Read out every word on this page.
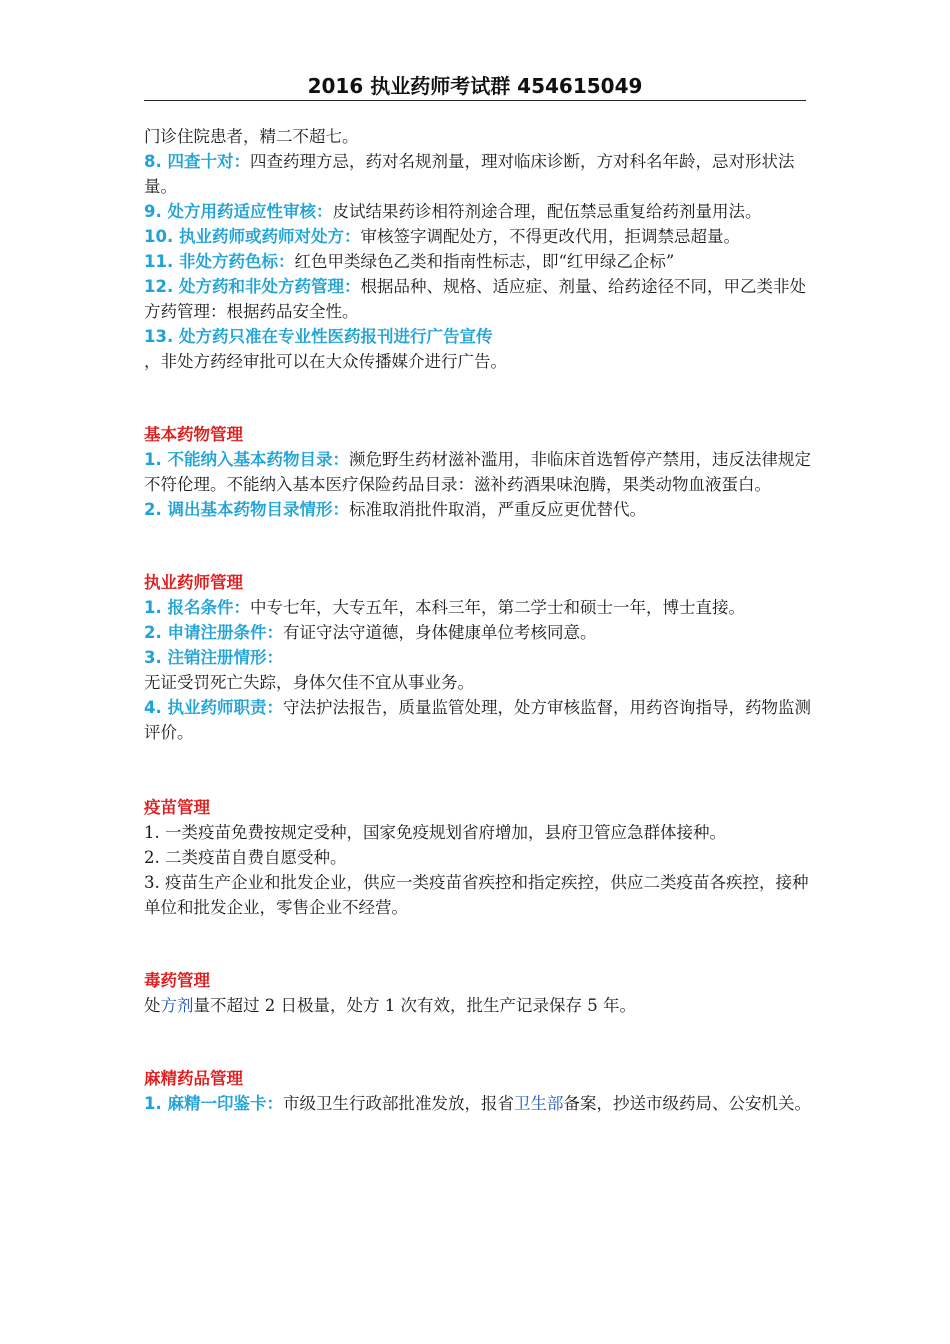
2016 执业药师考试群 454615049

门诊住院患者，精二不超七。

8. 四查十对：四查药理方忌，药对名规剂量，理对临床诊断，方对科名年龄，忌对形状法量。

9. 处方用药适应性审核：皮试结果药诊相符剂途合理，配伍禁忌重复给药剂量用法。

10. 执业药师或药师对处方：审核签字调配处方，不得更改代用，拒调禁忌超量。

11. 非处方药色标：红色甲类绿色乙类和指南性标志，即“红甲绿乙企标”

12. 处方药和非处方药管理：根据品种、规格、适应症、剂量、给药途径不同，甲乙类非处方药管理：根据药品安全性。

13. 处方药只准在专业性医药报刊进行广告宣传

，非处方药经审批可以在大众传播媒介进行广告。

基本药物管理

1. 不能纳入基本药物目录：濒危野生药材滋补滥用，非临床首选暂停产禁用，违反法律规定不符伦理。不能纳入基本医疗保险药品目录：滋补药酒果味泡腾，果类动物血液蛋白。

2. 调出基本药物目录情形：标准取消批件取消，严重反应更优替代。

执业药师管理

1. 报名条件：中专七年，大专五年，本科三年，第二学士和硕士一年，博士直接。

2. 申请注册条件：有证守法守道德，身体健康单位考核同意。

3. 注销注册情形：

无证受罚死亡失踪，身体欠佳不宜从事业务。

4. 执业药师职责：守法护法报告，质量监管处理，处方审核监督，用药咨询指导，药物监测评价。

疫苗管理

1. 一类疫苗免费按规定受种，国家免疫规划省府增加，县府卫管应急群体接种。

2. 二类疫苗自费自愿受种。

3. 疫苗生产企业和批发企业，供应一类疫苗省疾控和指定疾控，供应二类疫苗各疾控，接种单位和批发企业，零售企业不经营。

毒药管理

处方剂量不超过 2 日极量，处方 1 次有效，批生产记录保存 5 年。

麻精药品管理

1. 麻精一印鉴卡：市级卫生行政部批准发放，报省卫生部备案，抄送市级药局、公安机关。
